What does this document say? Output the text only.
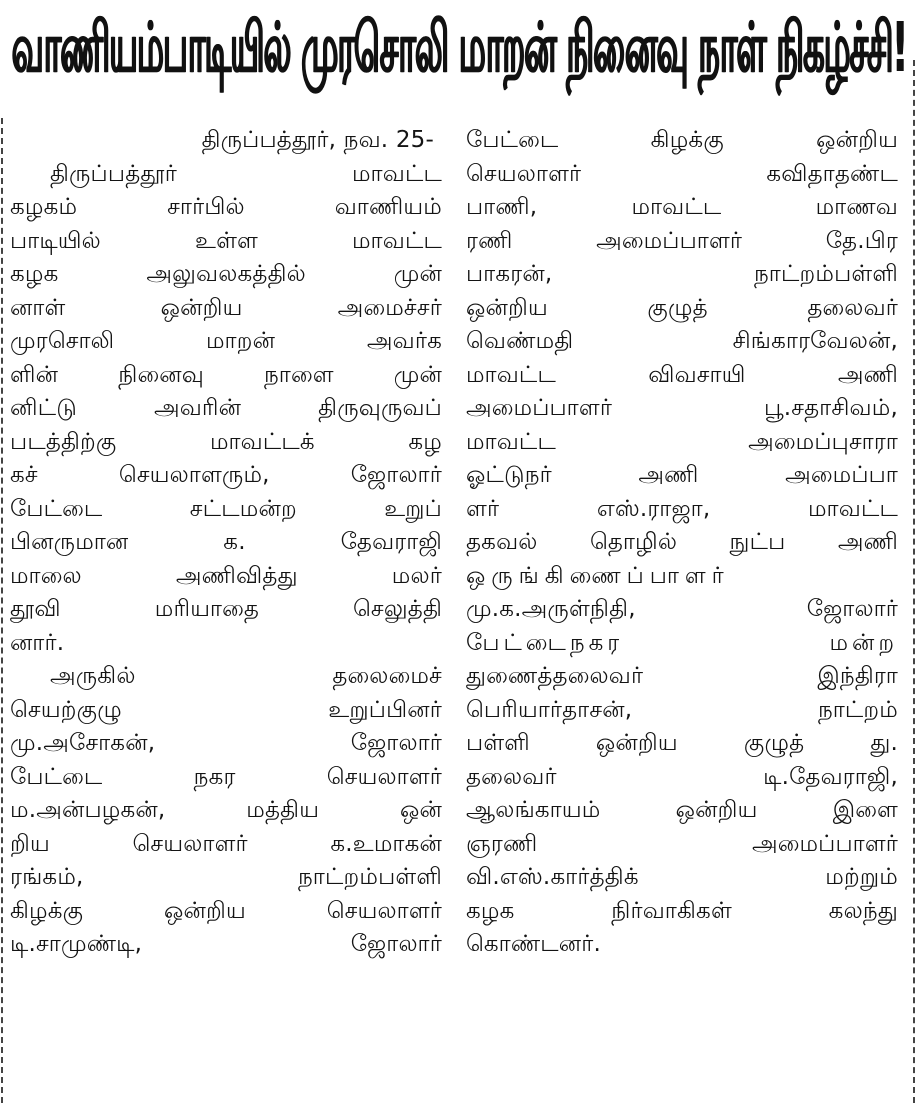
வாணியம்பாடியில் முரசொலி மாறன் நினைவு நாள் நிகழ்ச்சி!
திருப்பத்தூர், நவ. 25-
திருப்பத்தூர் மாவட்ட
கழகம் சார்பில் வாணியம்
பாடியில் உள்ள மாவட்ட
கழக அலுவலகத்தில் முன்
னாள் ஒன்றிய அமைச்சர்
முரசொலி மாறன் அவர்க
ளின் நினைவு நாளை முன்
னிட்டு அவரின் திருவுருவப்
படத்திற்கு மாவட்டக் கழ
கச் செயலாளரும், ஜோலார்
பேட்டை சட்டமன்ற உறுப்
பினருமான க. தேவராஜி
மாலை அணிவித்து மலர்
தூவி மரியாதை செலுத்தி
னார்.
அருகில் தலைமைச்
செயற்குழு உறுப்பினர்
மு.அசோகன், ஜோலார்
பேட்டை நகர செயலாளர்
ம.அன்பழகன், மத்திய ஒன்
றிய செயலாளர் க.உமாகன்
ரங்கம், நாட்றம்பள்ளி
கிழக்கு ஒன்றிய செயலாளர்
டி.சாமுண்டி, ஜோலார்
பேட்டை கிழக்கு ஒன்றிய
செயலாளர் கவிதாதண்ட
பாணி, மாவட்ட மாணவ
ரணி அமைப்பாளர் தே.பிர
பாகரன், நாட்றம்பள்ளி
ஒன்றிய குழுத் தலைவர்
வெண்மதி சிங்காரவேலன்,
மாவட்ட விவசாயி அணி
அமைப்பாளர் பூ.சதாசிவம்,
மாவட்ட அமைப்புசாரா
ஓட்டுநர் அணி அமைப்பா
ளர் எஸ்.ராஜா, மாவட்ட
தகவல் தொழில் நுட்ப அணி
ஒருங்கிணைப்பாளர்
மு.க.அருள்நிதி, ஜோலார்
பேட்டைநகர மன்ற
துணைத்தலைவர் இந்திரா
பெரியார்தாசன், நாட்றம்
பள்ளி ஒன்றிய குழுத் து.
தலைவர் டி.தேவராஜி,
ஆலங்காயம் ஒன்றிய இளை
ஞரணி அமைப்பாளர்
வி.எஸ்.கார்த்திக் மற்றும்
கழக நிர்வாகிகள் கலந்து
கொண்டனர்.
